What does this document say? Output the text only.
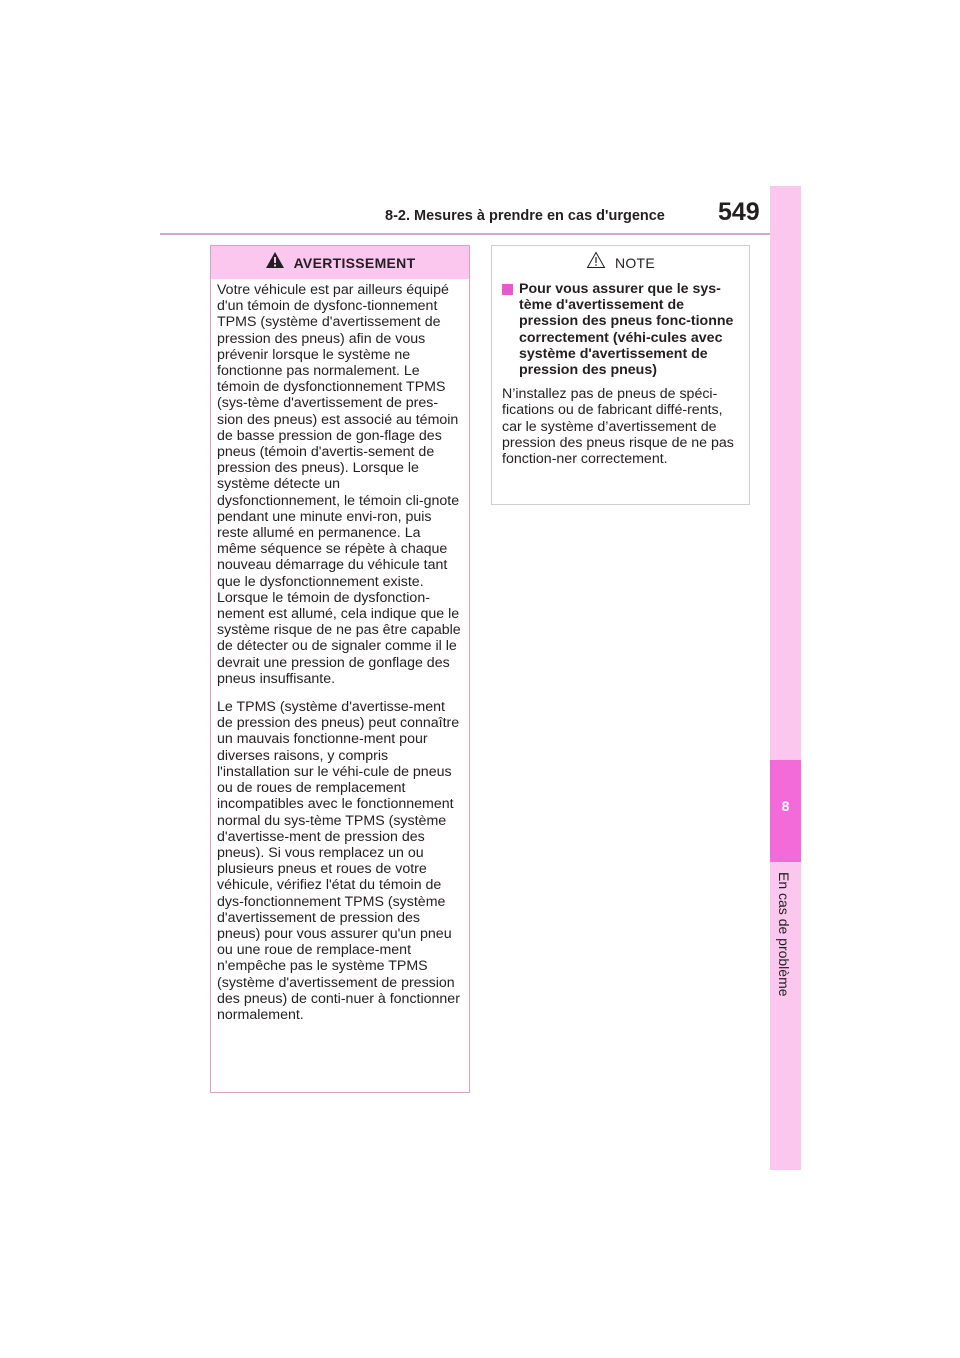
8-2. Mesures à prendre en cas d'urgence 549
8
En cas de problème
AVERTISSEMENT

Votre véhicule est par ailleurs équipé d'un témoin de dysfonc-tionnement TPMS (système d'avertissement de pression des pneus) afin de vous prévenir lorsque le système ne fonctionne pas normalement. Le témoin de dysfonctionnement TPMS (sys-tème d'avertissement de pres-sion des pneus) est associé au témoin de basse pression de gon-flage des pneus (témoin d'avertis-sement de pression des pneus). Lorsque le système détecte un dysfonctionnement, le témoin cli-gnote pendant une minute envi-ron, puis reste allumé en permanence. La même séquence se répète à chaque nouveau démarrage du véhicule tant que le dysfonctionnement existe. Lorsque le témoin de dysfonction-nement est allumé, cela indique que le système risque de ne pas être capable de détecter ou de signaler comme il le devrait une pression de gonflage des pneus insuffisante.

Le TPMS (système d'avertisse-ment de pression des pneus) peut connaître un mauvais fonctionne-ment pour diverses raisons, y compris l'installation sur le véhi-cule de pneus ou de roues de remplacement incompatibles avec le fonctionnement normal du sys-tème TPMS (système d'avertisse-ment de pression des pneus). Si vous remplacez un ou plusieurs pneus et roues de votre véhicule, vérifiez l'état du témoin de dys-fonctionnement TPMS (système d'avertissement de pression des pneus) pour vous assurer qu'un pneu ou une roue de remplace-ment n'empêche pas le système TPMS (système d'avertissement de pression des pneus) de conti-nuer à fonctionner normalement.

NOTE
Pour vous assurer que le sys-tème d'avertissement de pression des pneus fonc-tionne correctement (véhi-cules avec système d'avertissement de pression des pneus)

N’installez pas de pneus de spéci-fications ou de fabricant diffé-rents, car le système d’avertissement de pression des pneus risque de ne pas fonction-ner correctement.
